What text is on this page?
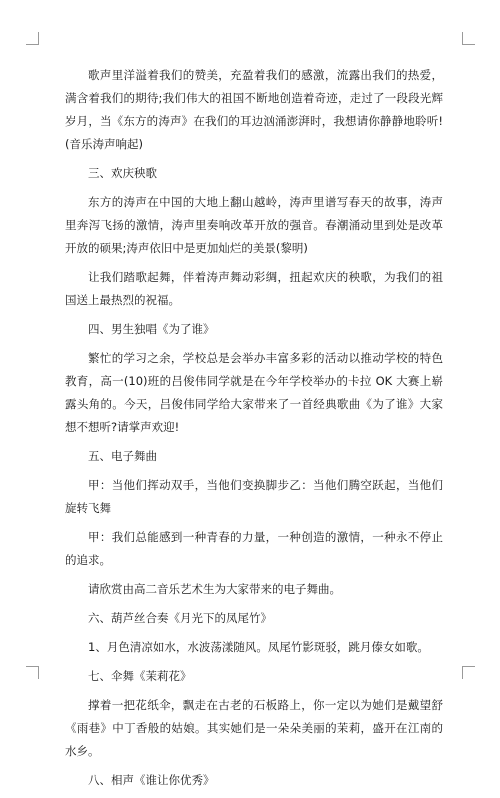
歌声里洋溢着我们的赞美，充盈着我们的感激，流露出我们的热爱，满含着我们的期待;我们伟大的祖国不断地创造着奇迹，走过了一段段光辉岁月，当《东方的涛声》在我们的耳边汹涌澎湃时，我想请你静静地聆听!(音乐涛声响起)

三、欢庆秧歌

东方的涛声在中国的大地上翻山越岭，涛声里谱写春天的故事，涛声里奔泻飞扬的激情，涛声里奏响改革开放的强音。春潮涌动里到处是改革开放的硕果;涛声依旧中是更加灿烂的美景(黎明)

让我们踏歌起舞，伴着涛声舞动彩绸，扭起欢庆的秧歌，为我们的祖国送上最热烈的祝福。

四、男生独唱《为了谁》

繁忙的学习之余，学校总是会举办丰富多彩的活动以推动学校的特色教育，高一(10)班的吕俊伟同学就是在今年学校举办的卡拉 OK 大赛上崭露头角的。今天，吕俊伟同学给大家带来了一首经典歌曲《为了谁》大家想不想听?请掌声欢迎!

五、电子舞曲

甲：当他们挥动双手，当他们变换脚步乙：当他们腾空跃起，当他们旋转飞舞

甲：我们总能感到一种青春的力量，一种创造的激情，一种永不停止的追求。

请欣赏由高二音乐艺术生为大家带来的电子舞曲。

六、葫芦丝合奏《月光下的凤尾竹》

1、月色清凉如水，水波荡漾随风。凤尾竹影斑驳，跳月傣女如歌。

七、伞舞《茉莉花》

撑着一把花纸伞，飘走在古老的石板路上，你一定以为她们是戴望舒《雨巷》中丁香般的姑娘。其实她们是一朵朵美丽的茉莉，盛开在江南的水乡。

八、相声《谁让你优秀》
